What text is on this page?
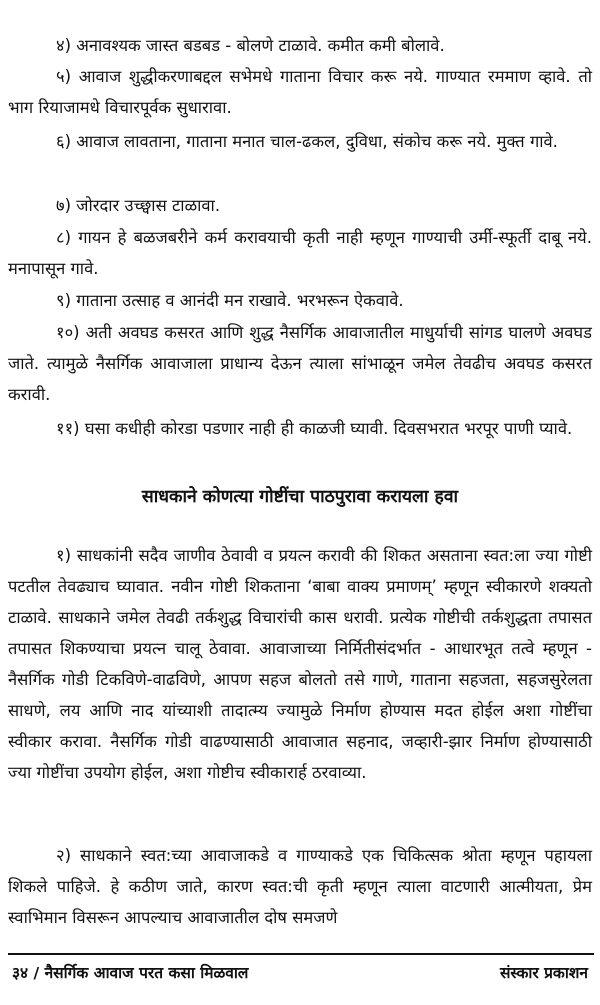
४) अनावश्यक जास्त बडबड - बोलणे टाळावे. कमीत कमी बोलावे.

५) आवाज शुद्धीकरणाबद्दल सभेमधे गाताना विचार करू नये. गाण्यात रममाण व्हावे. तो भाग रियाजामधे विचारपूर्वक सुधारावा.

६) आवाज लावताना, गाताना मनात चाल-ढकल, दुविधा, संकोच करू नये. मुक्त गावे.

७) जोरदार उच्छ्वास टाळावा.

८) गायन हे बळजबरीने कर्म करावयाची कृती नाही म्हणून गाण्याची उर्मी-स्फूर्ती दाबू नये. मनापासून गावे.

९) गाताना उत्साह व आनंदी मन राखावे. भरभरून ऐकवावे.

१०) अती अवघड कसरत आणि शुद्ध नैसर्गिक आवाजातील माधुर्याची सांगड घालणे अवघड जाते. त्यामुळे नैसर्गिक आवाजाला प्राधान्य देऊन त्याला सांभाळून जमेल तेवढीच अवघड कसरत करावी.

११) घसा कधीही कोरडा पडणार नाही ही काळजी घ्यावी. दिवसभरात भरपूर पाणी प्यावे.

साधकाने कोणत्या गोष्टींचा पाठपुरावा करायला हवा

१) साधकांनी सदैव जाणीव ठेवावी व प्रयत्न करावी की शिकत असताना स्वत:ला ज्या गोष्टी पटतील तेवढ्याच घ्यावात. नवीन गोष्टी शिकताना ‘बाबा वाक्य प्रमाणम्’ म्हणून स्वीकारणे शक्यतो टाळावे. साधकाने जमेल तेवढी तर्कशुद्ध विचारांची कास धरावी. प्रत्येक गोष्टीची तर्कशुद्धता तपासत तपासत शिकण्याचा प्रयत्न चालू ठेवावा. आवाजाच्या निर्मितीसंदर्भात - आधारभूत तत्वे म्हणून - नैसर्गिक गोडी टिकविणे-वाढविणे, आपण सहज बोलतो तसे गाणे, गाताना सहजता, सहजसुरेलता साधणे, लय आणि नाद यांच्याशी तादात्म्य ज्यामुळे निर्माण होण्यास मदत होईल अशा गोष्टींचा स्वीकार करावा. नैसर्गिक गोडी वाढण्यासाठी आवाजात सहनाद, जव्हारी-झार निर्माण होण्यासाठी ज्या गोष्टींचा उपयोग होईल, अशा गोष्टीच स्वीकारार्ह ठरवाव्या.

२) साधकाने स्वत:च्या आवाजाकडे व गाण्याकडे एक चिकित्सक श्रोता म्हणून पहायला शिकले पाहिजे. हे कठीण जाते, कारण स्वत:ची कृती म्हणून त्याला वाटणारी आत्मीयता, प्रेम स्वाभिमान विसरून आपल्याच आवाजातील दोष समजणे

३४ / नैसर्गिक आवाज परत कसा मिळवाल	संस्कार प्रकाशन
